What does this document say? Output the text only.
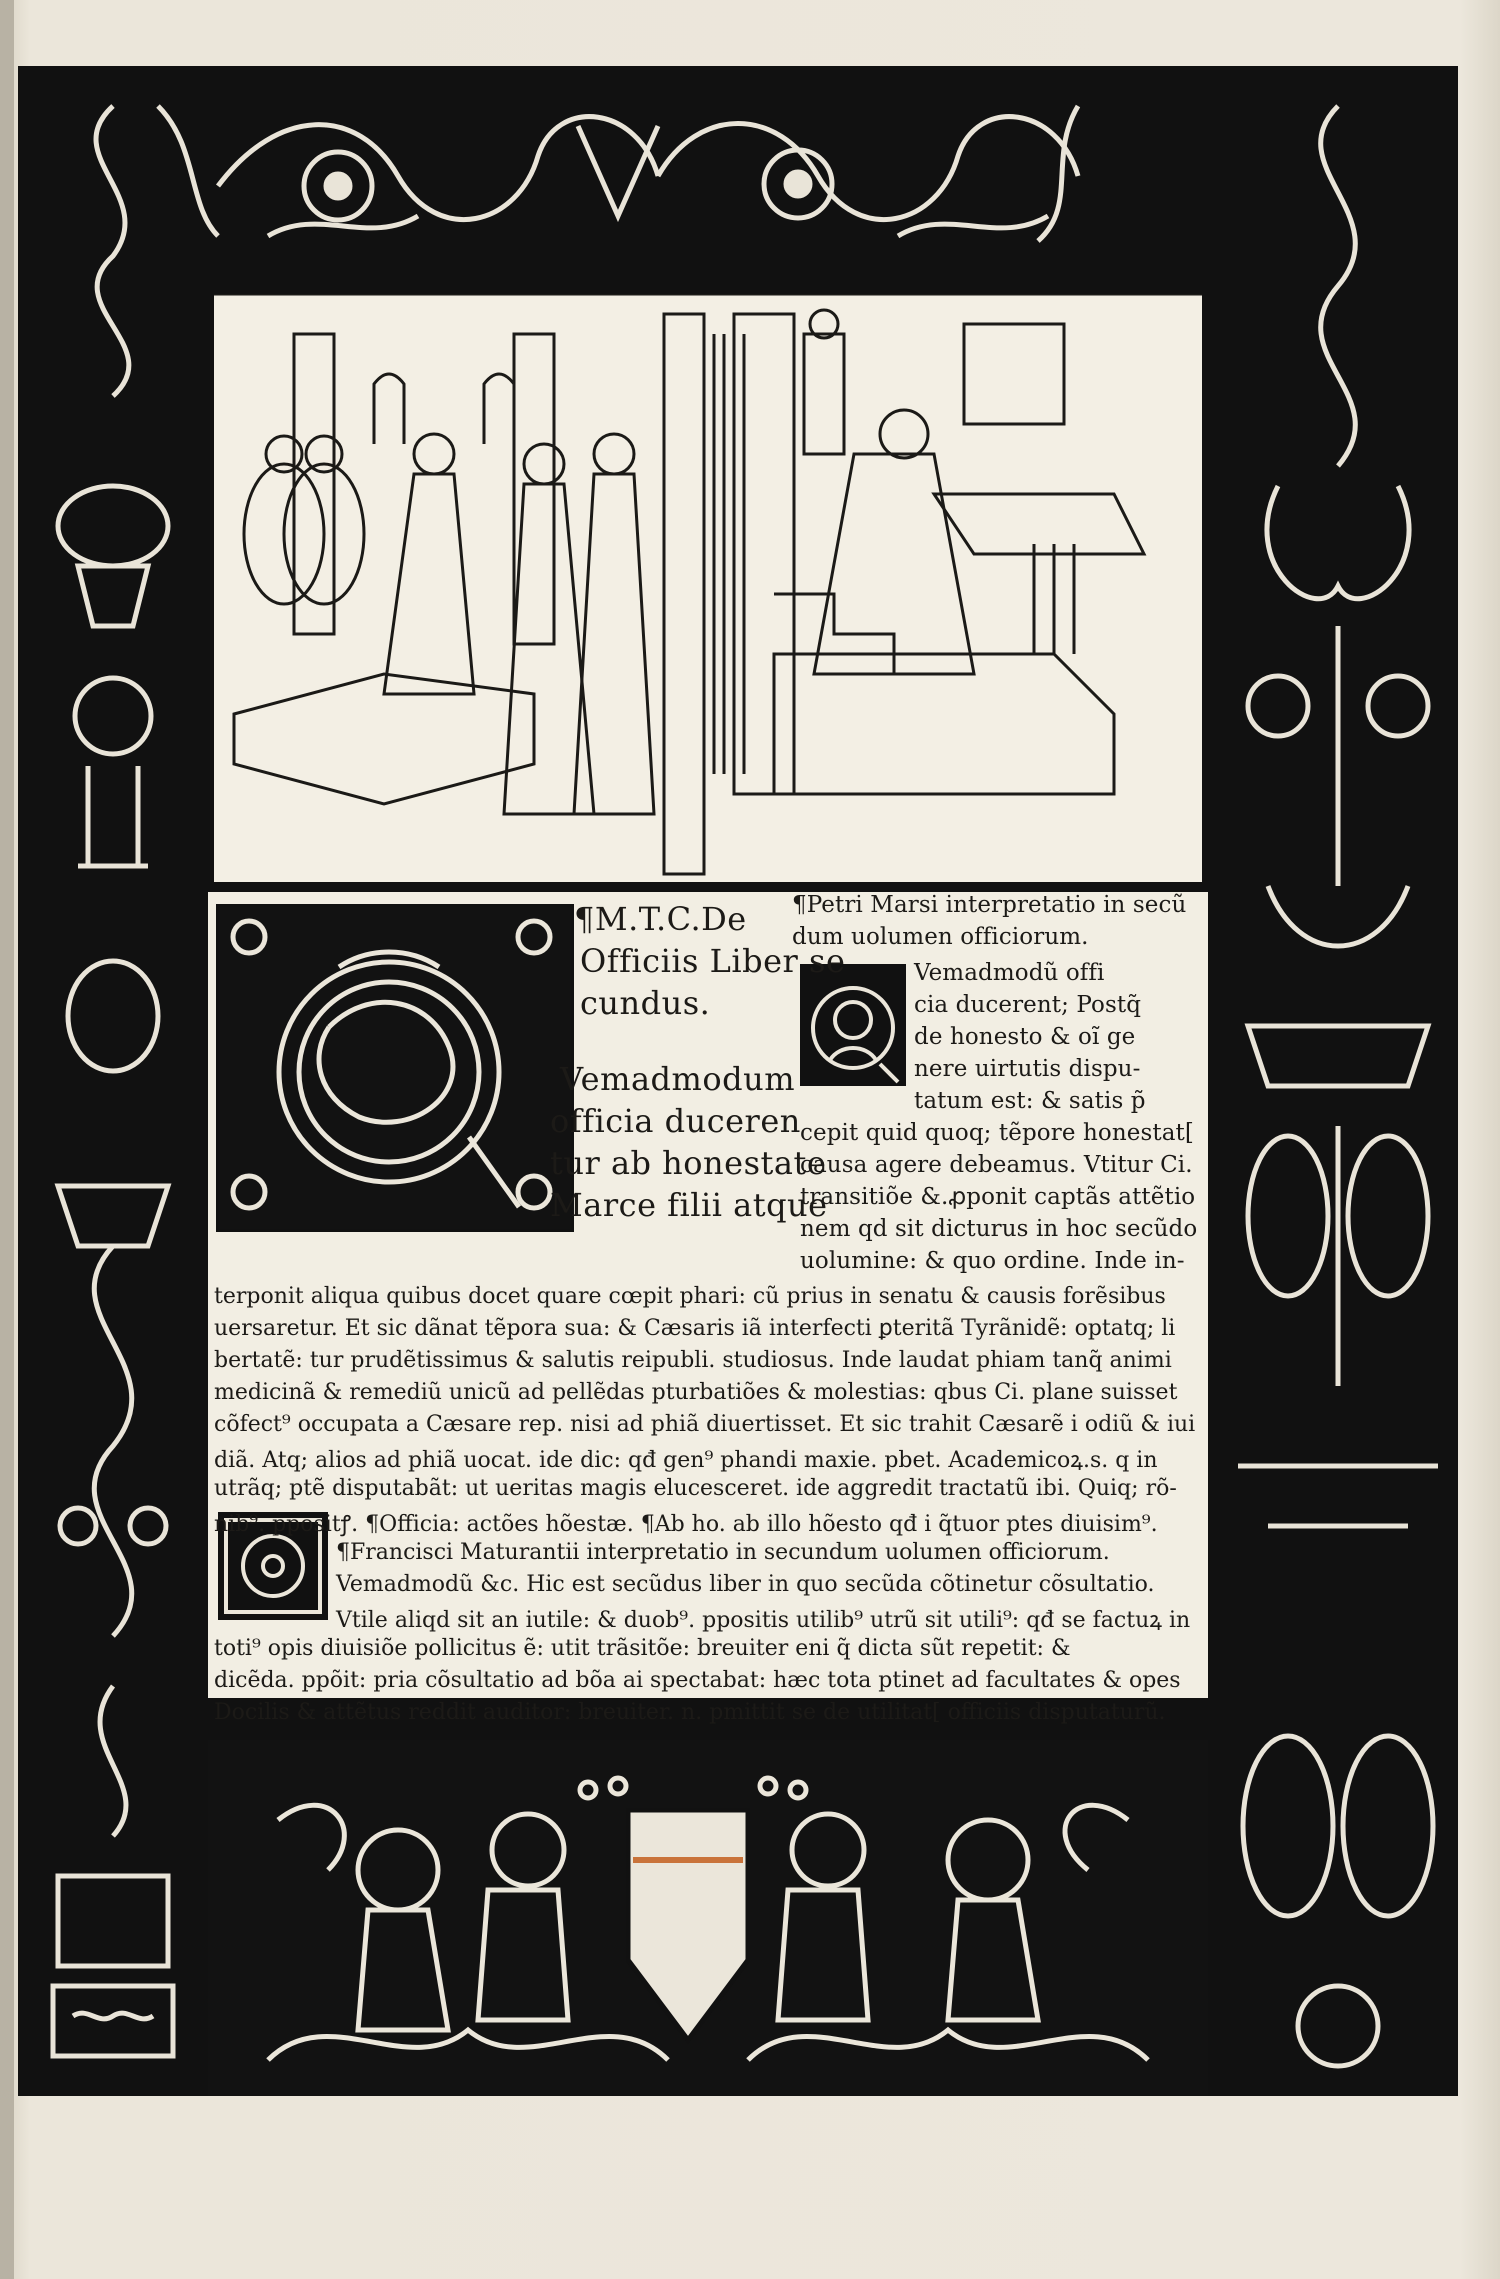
¶M.T.C.De
Officiis Liber se
cundus.
Vemadmodum
officia duceren
tur ab honestate
Marce filii atque
¶Petri Marsi interpretatio in secũ
dum uolumen officiorum.
Vemadmodũ offi
cia ducerent; Postq̃
de honesto & oĩ ge
nere uirtutis dispu-
tatum est: & satis p̃
cepit quid quoq; tẽpore honestat[
causa agere debeamus. Vtitur Ci.
transitiõe &.ꝓponit captãs attẽtio
nem qd sit dicturus in hoc secũdo
uolumine: & quo ordine. Inde in-
terponit aliqua quibus docet quare cœpit phari: cũ prius in senatu & causis forẽsibus
uersaretur. Et sic dãnat tẽpora sua: & Cæsaris iã interfecti ꝑteritã Tyrãnidẽ: optatq; li
bertatẽ: tur prudẽtissimus & salutis reipubli. studiosus. Inde laudat phiam tanq̃ animi
medicinã & remediũ unicũ ad pellẽdas pturbatiões & molestias: qbus Ci. plane suisset
cõfect⁹ occupata a Cæsare rep. nisi ad phiã diuertisset. Et sic trahit Cæsarẽ i odiũ & iui
diã. Atq; alios ad phiã uocat. ide dic: qđ gen⁹ phandi maxie. pbet. Academicoꝝ.s. q in
utrãq; ptẽ disputabãt: ut ueritas magis elucesceret. ide aggredit tractatũ ibi. Quiq; rõ-
nib⁹. ppositꝭ. ¶Officia: actões hõestæ. ¶Ab ho. ab illo hõesto qđ i q̃tuor ptes diuisim⁹.
¶Francisci Maturantii interpretatio in secundum uolumen officiorum.
Vemadmodũ &c. Hic est secũdus liber in quo secũda cõtinetur cõsultatio.
Vtile aliqd sit an iutile: & duob⁹. ppositis utilib⁹ utrũ sit utili⁹: qđ se factuꝝ in
toti⁹ opis diuisiõe pollicitus ẽ: utit trãsitõe: breuiter eni q̃ dicta sũt repetit: &
dicẽda. ppõit: pria cõsultatio ad bõa ai spectabat: hæc tota ptinet ad facultates & opes
Docilis & attẽtus reddit auditor: breuiter. n. pmittit se de utilitat[ officiis disputaturũ.
